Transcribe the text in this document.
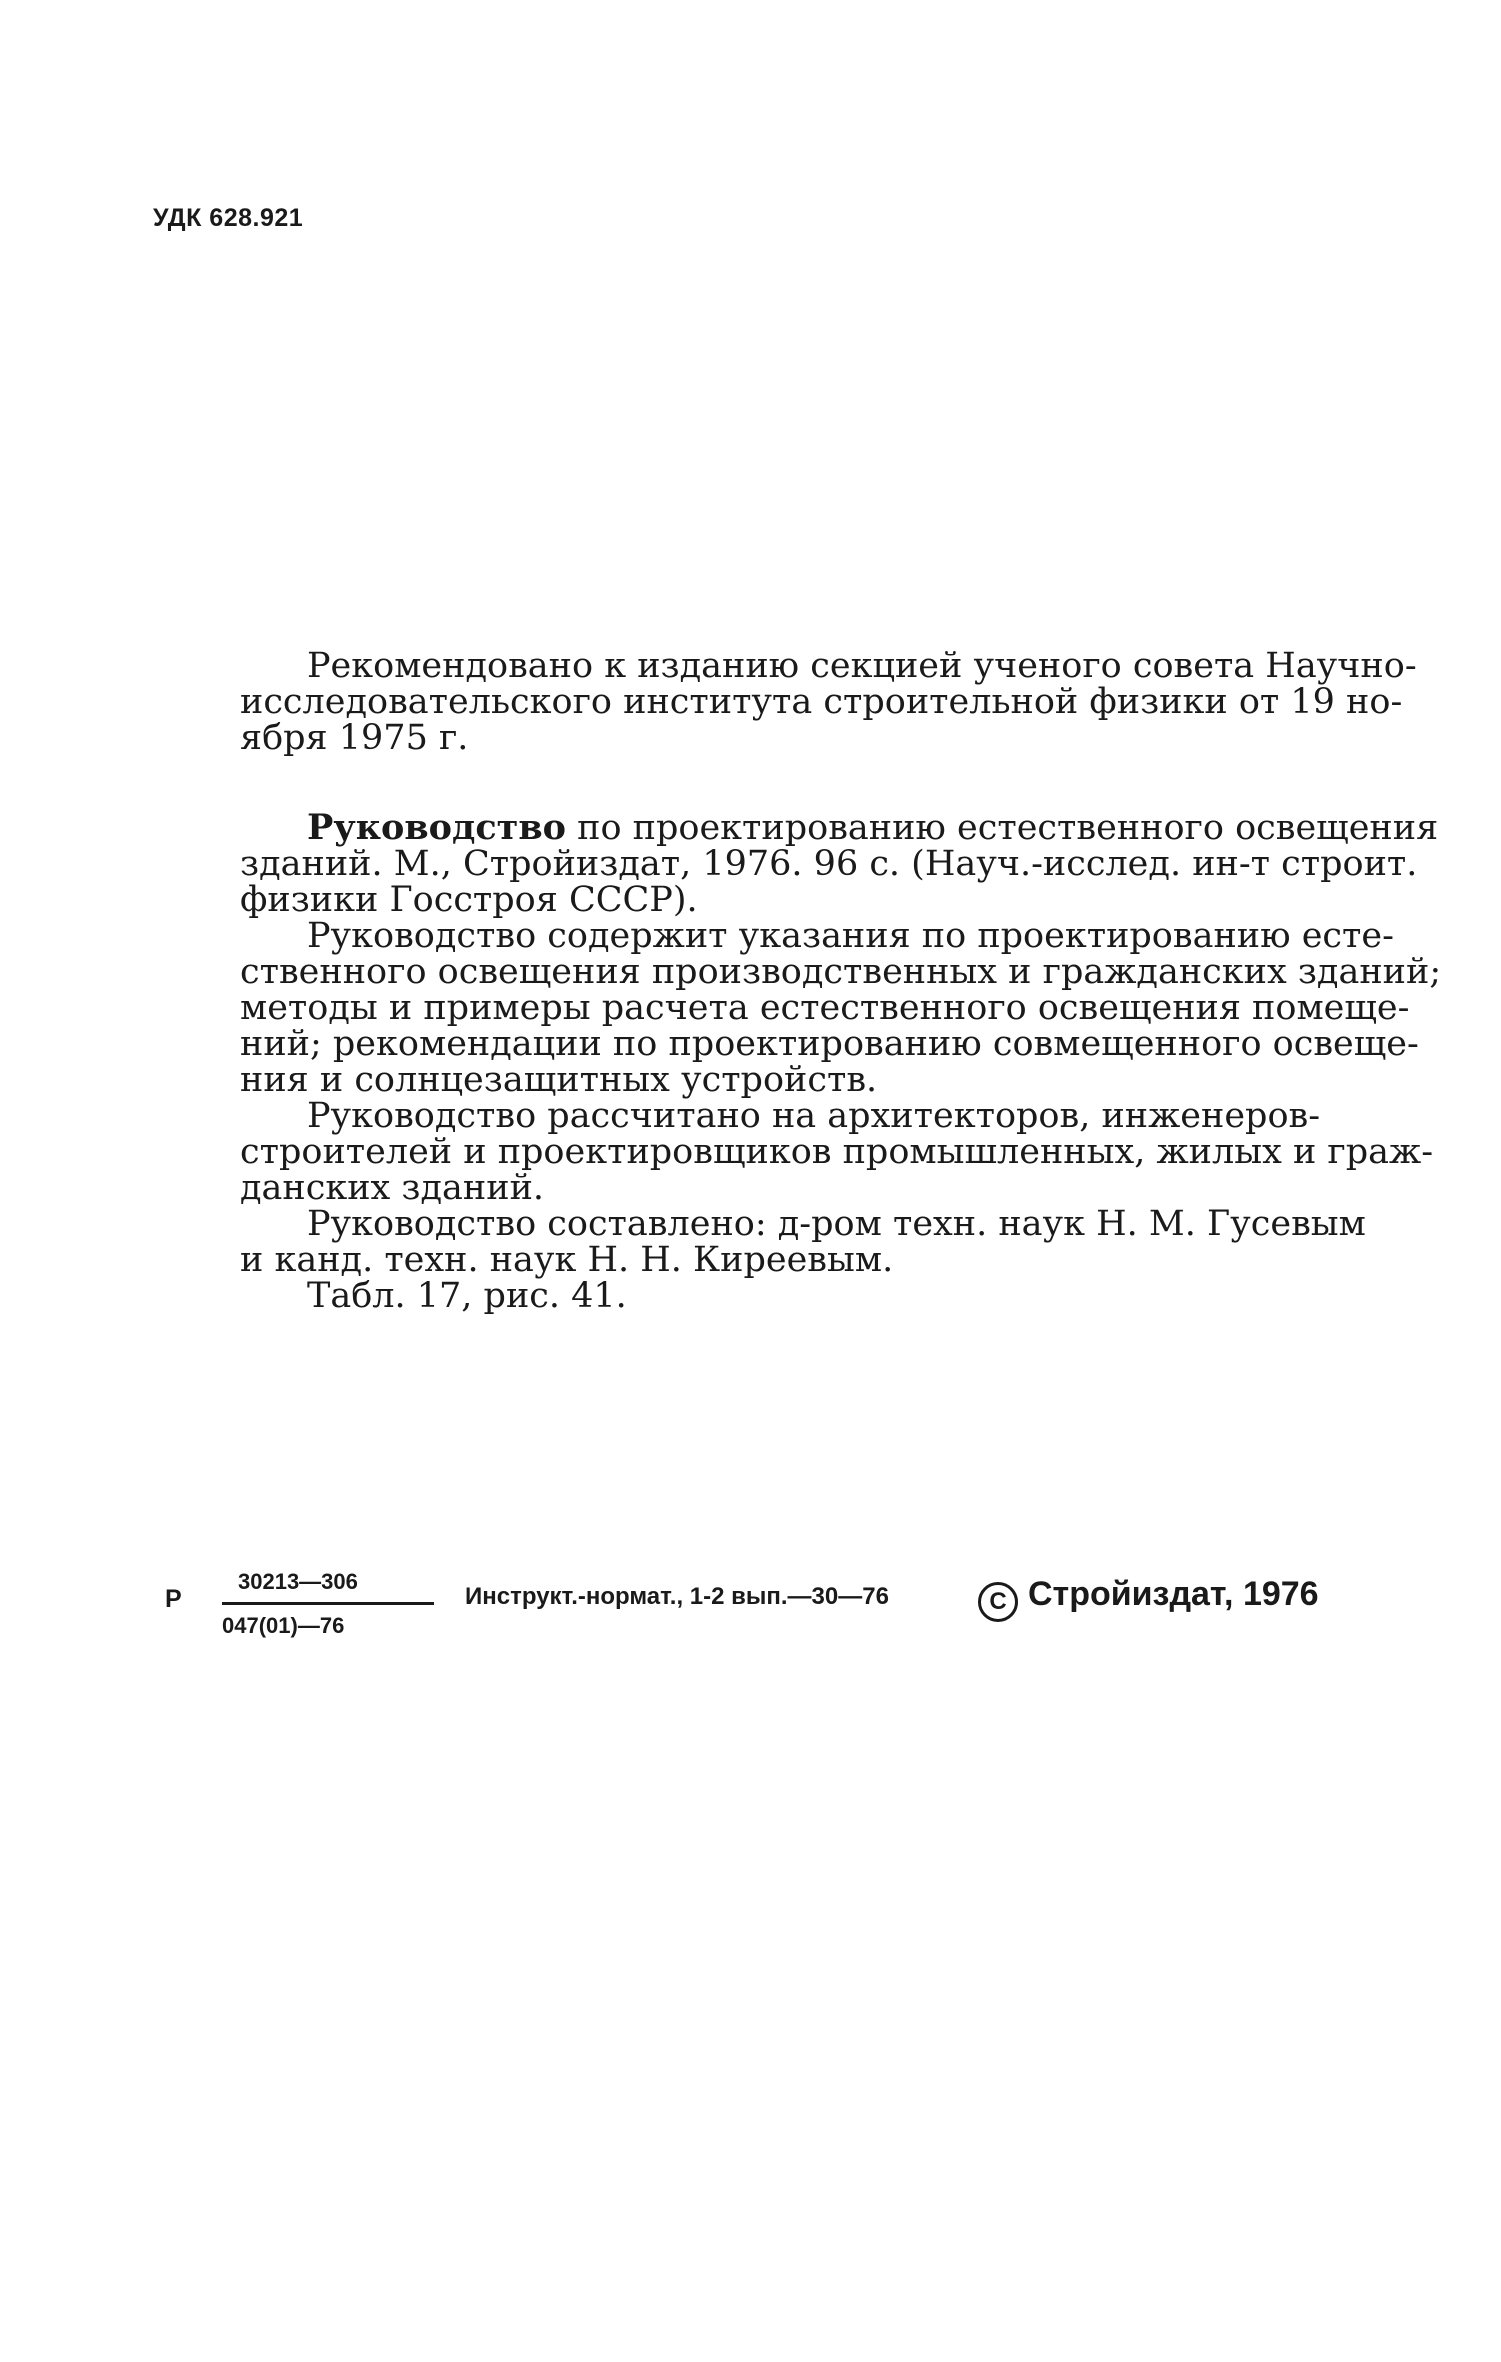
УДК 628.921
Рекомендовано к изданию секцией ученого совета Научно-
исследовательского института строительной физики от 19 но-
ября 1975 г.
Руководство по проектированию естественного освещения
зданий. М., Стройиздат, 1976. 96 с. (Науч.-исслед. ин-т строит.
физики Госстроя СССР).
Руководство содержит указания по проектированию есте-
ственного освещения производственных и гражданских зданий;
методы и примеры расчета естественного освещения помеще-
ний; рекомендации по проектированию совмещенного освеще-
ния и солнцезащитных устройств.
Руководство рассчитано на архитекторов, инженеров-
строителей и проектировщиков промышленных, жилых и граж-
данских зданий.
Руководство составлено: д-ром техн. наук Н. М. Гусевым
и канд. техн. наук Н. Н. Киреевым.
Табл. 17, рис. 41.
Р
30213—306
047(01)—76
Инструкт.-нормат., 1-2 вып.—30—76	C Стройиздат, 1976
